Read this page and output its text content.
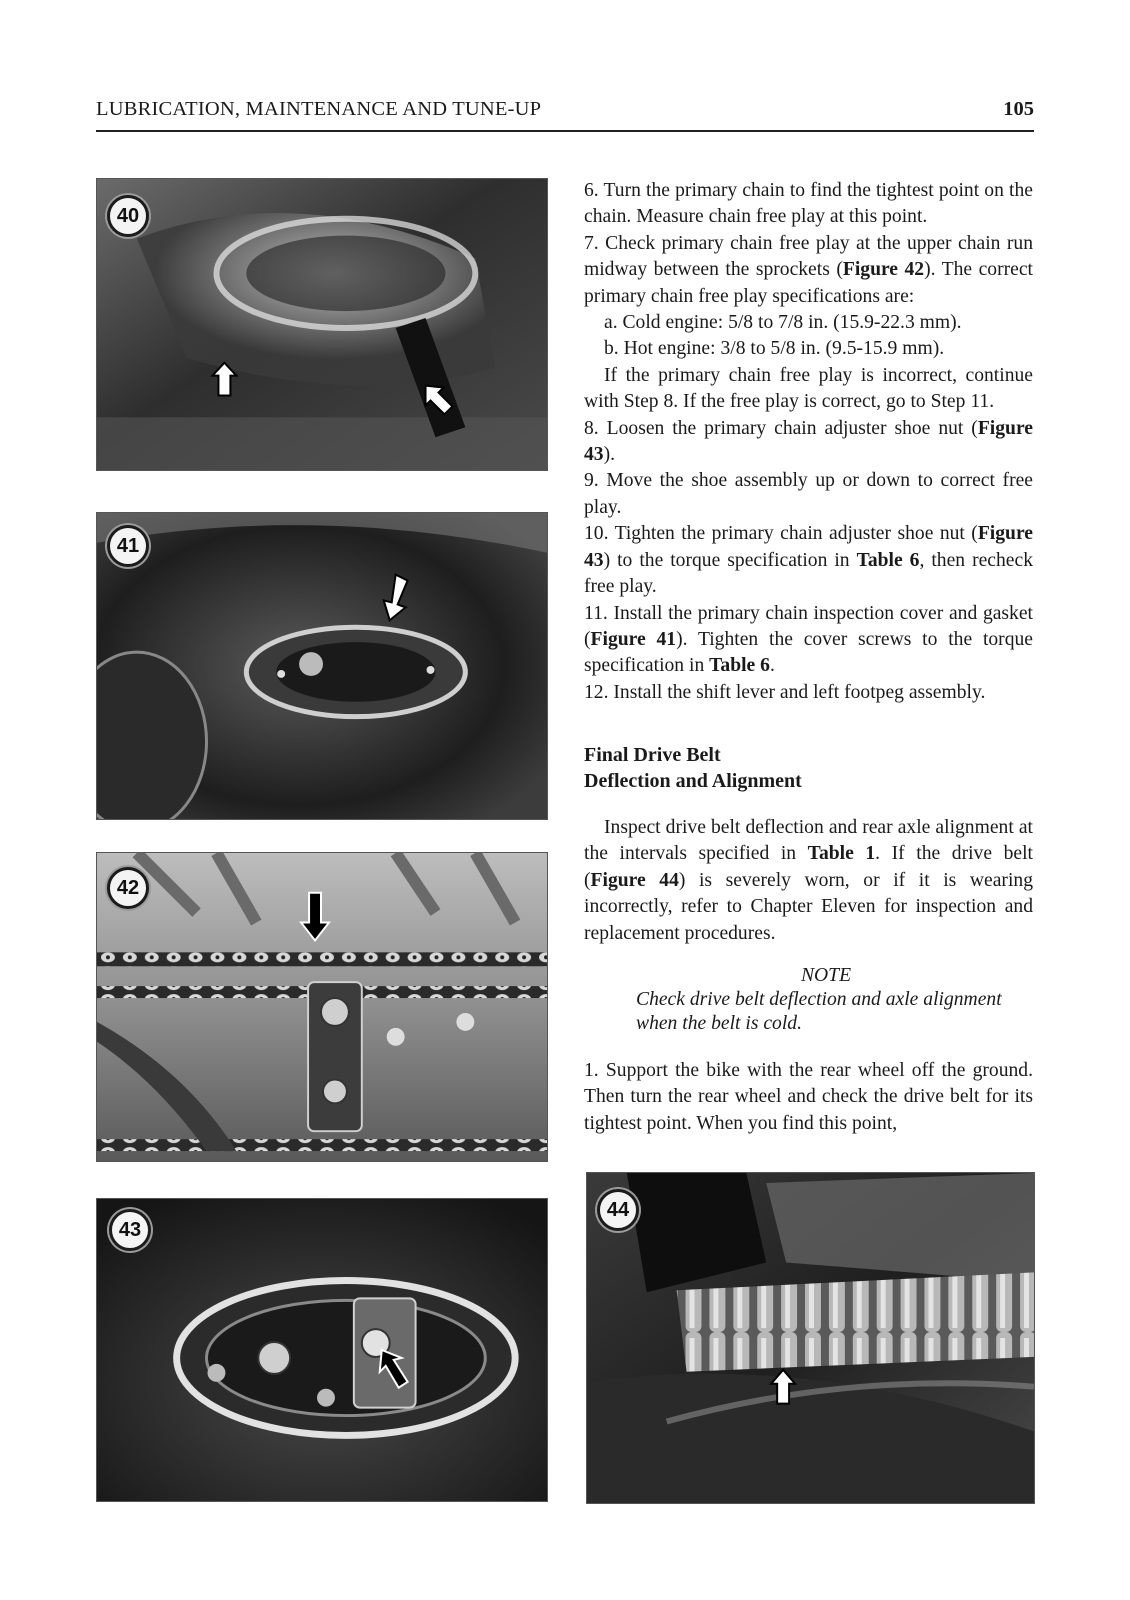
LUBRICATION, MAINTENANCE AND TUNE-UP	105
40
41
42
43
44

6. Turn the primary chain to find the tightest point on the chain. Measure chain free play at this point.

7. Check primary chain free play at the upper chain run midway between the sprockets (Figure 42). The correct primary chain free play specifications are:

a. Cold engine: 5/8 to 7/8 in. (15.9-22.3 mm).

b. Hot engine: 3/8 to 5/8 in. (9.5-15.9 mm).

If the primary chain free play is incorrect, continue with Step 8. If the free play is correct, go to Step 11.

8. Loosen the primary chain adjuster shoe nut (Figure 43).

9. Move the shoe assembly up or down to correct free play.

10. Tighten the primary chain adjuster shoe nut (Figure 43) to the torque specification in Table 6, then recheck free play.

11. Install the primary chain inspection cover and gasket (Figure 41). Tighten the cover screws to the torque specification in Table 6.

12. Install the shift lever and left footpeg assembly.

Final Drive Belt

Deflection and Alignment

Inspect drive belt deflection and rear axle alignment at the intervals specified in Table 1. If the drive belt (Figure 44) is severely worn, or if it is wearing incorrectly, refer to Chapter Eleven for inspection and replacement procedures.

NOTE

Check drive belt deflection and axle alignment when the belt is cold.

1. Support the bike with the rear wheel off the ground. Then turn the rear wheel and check the drive belt for its tightest point. When you find this point,
